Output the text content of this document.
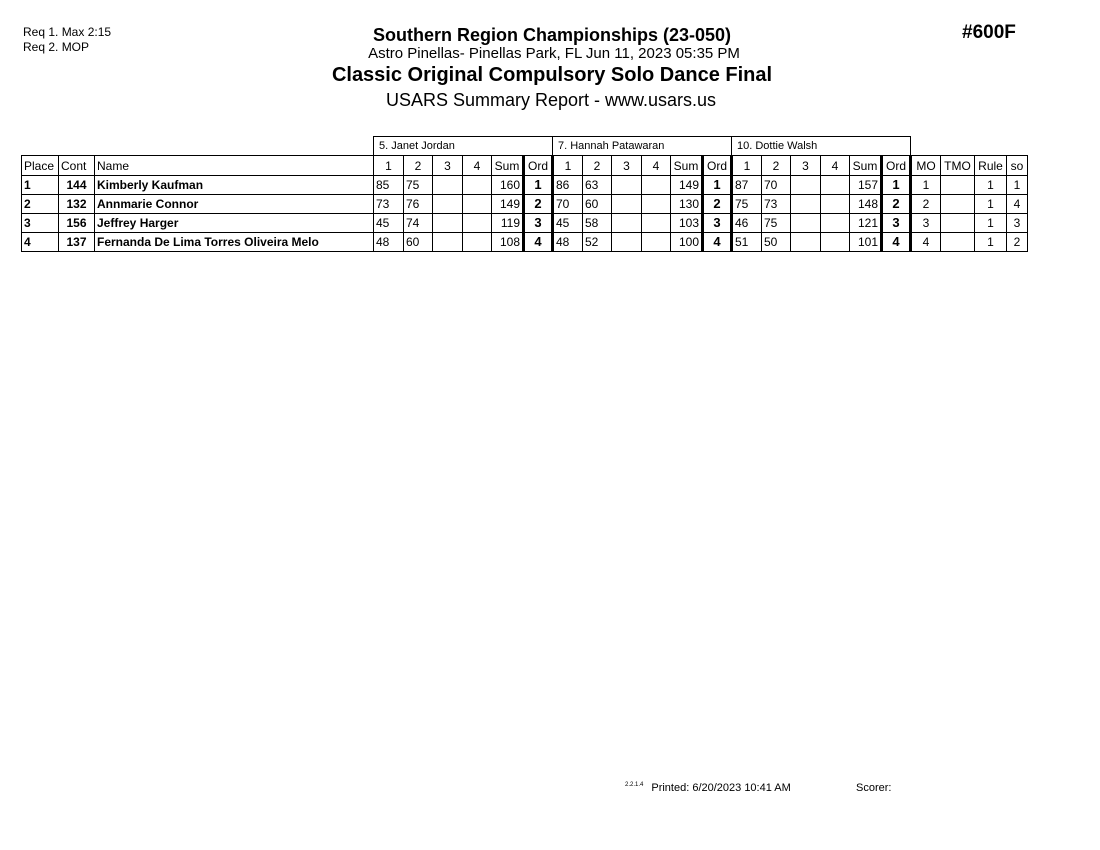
Req 1. Max 2:15
Req 2. MOP
#600F
Southern Region Championships (23-050)
Astro Pinellas- Pinellas Park, FL Jun 11, 2023 05:35 PM
Classic Original Compulsory Solo Dance Final
USARS Summary Report - www.usars.us
			5. Janet Jordan						7. Hannah Patawaran						10. Dottie Walsh									
Place	Cont	Name	1	2	3	4	Sum	Ord	1	2	3	4	Sum	Ord	1	2	3	4	Sum	Ord	MO	TMO	Rule	so
1	144	Kimberly Kaufman	85	75			160	1	86	63			149	1	87	70			157	1	1		1	1
2	132	Annmarie Connor	73	76			149	2	70	60			130	2	75	73			148	2	2		1	4
3	156	Jeffrey Harger	45	74			119	3	45	58			103	3	46	75			121	3	3		1	3
4	137	Fernanda De Lima Torres Oliveira Melo	48	60			108	4	48	52			100	4	51	50			101	4	4		1	2
$^{2.2.1.4}$ Printed: 6/20/2023 10:41 AM	Scorer:
